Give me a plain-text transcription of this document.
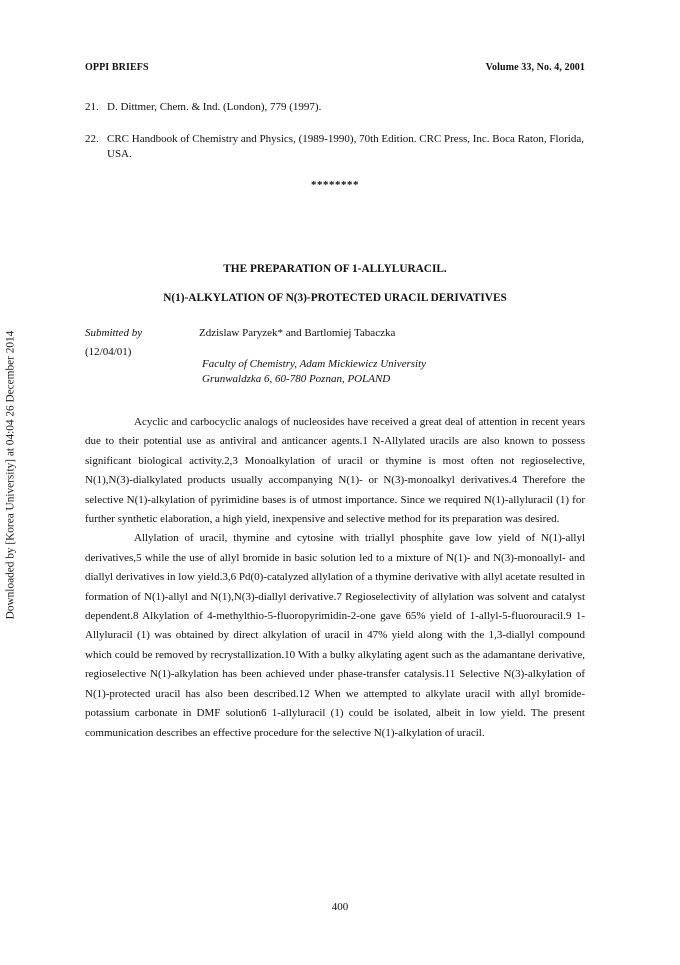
Downloaded by [Korea University] at 04:04 26 December 2014
OPPI BRIEFS	Volume 33, No. 4, 2001
21. D. Dittmer, Chem. & Ind. (London), 779 (1997).
22. CRC Handbook of Chemistry and Physics, (1989-1990), 70th Edition. CRC Press, Inc. Boca Raton, Florida, USA.
********
THE PREPARATION OF 1-ALLYLURACIL.
N(1)-ALKYLATION OF N(3)-PROTECTED URACIL DERIVATIVES
Submitted by
(12/04/01)
Zdzislaw Paryzek* and Bartlomiej Tabaczka
Faculty of Chemistry, Adam Mickiewicz University
Grunwaldzka 6, 60-780 Poznan, POLAND

Acyclic and carbocyclic analogs of nucleosides have received a great deal of attention in recent years due to their potential use as antiviral and anticancer agents.1 N-Allylated uracils are also known to possess significant biological activity.2,3 Monoalkylation of uracil or thymine is most often not regioselective, N(1),N(3)-dialkylated products usually accompanying N(1)- or N(3)-monoalkyl derivatives.4 Therefore the selective N(1)-alkylation of pyrimidine bases is of utmost importance. Since we required N(1)-allyluracil (1) for further synthetic elaboration, a high yield, inexpensive and selective method for its preparation was desired.

Allylation of uracil, thymine and cytosine with triallyl phosphite gave low yield of N(1)-allyl derivatives,5 while the use of allyl bromide in basic solution led to a mixture of N(1)- and N(3)-monoallyl- and diallyl derivatives in low yield.3,6 Pd(0)-catalyzed allylation of a thymine derivative with allyl acetate resulted in formation of N(1)-allyl and N(1),N(3)-diallyl derivative.7 Regioselectivity of allylation was solvent and catalyst dependent.8 Alkylation of 4-methylthio-5-fluoropyrimidin-2-one gave 65% yield of 1-allyl-5-fluorouracil.9 1-Allyluracil (1) was obtained by direct alkylation of uracil in 47% yield along with the 1,3-diallyl compound which could be removed by recrystallization.10 With a bulky alkylating agent such as the adamantane derivative, regioselective N(1)-alkylation has been achieved under phase-transfer catalysis.11 Selective N(3)-alkylation of N(1)-protected uracil has also been described.12 When we attempted to alkylate uracil with allyl bromide-potassium carbonate in DMF solution6 1-allyluracil (1) could be isolated, albeit in low yield. The present communication describes an effective procedure for the selective N(1)-alkylation of uracil.

400
